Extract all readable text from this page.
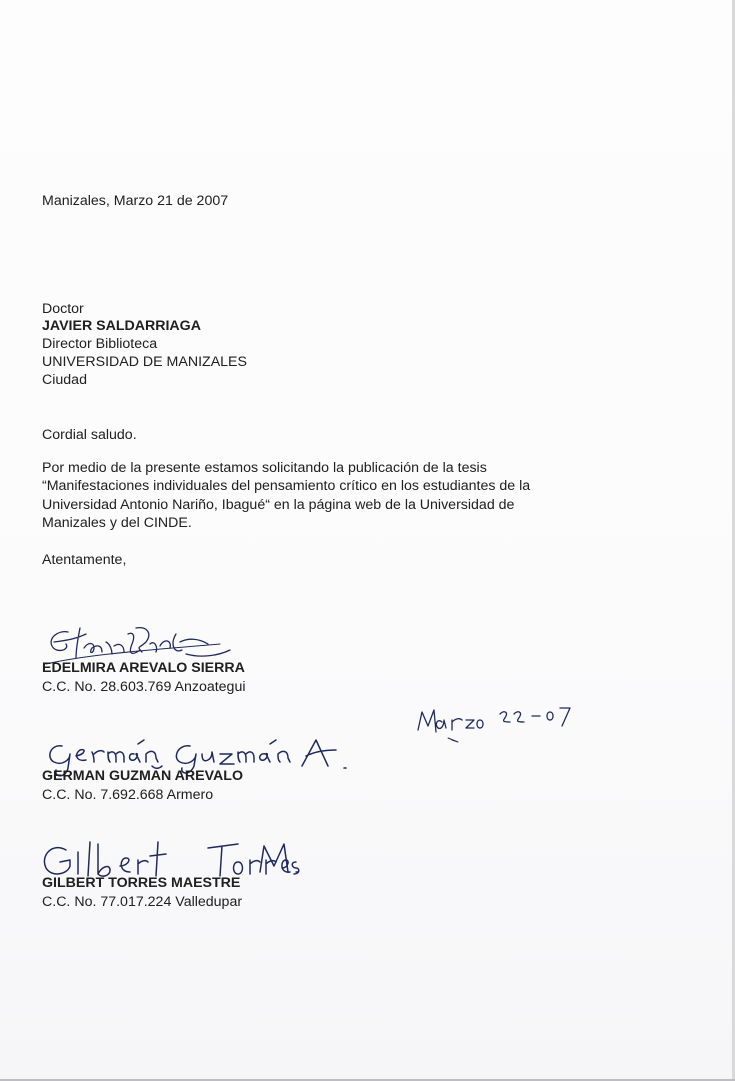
Manizales, Marzo 21 de 2007
Doctor
JAVIER SALDARRIAGA
Director Biblioteca
UNIVERSIDAD DE MANIZALES
Ciudad
Cordial saludo.
Por medio de la presente estamos solicitando la publicación de la tesis
“Manifestaciones individuales del pensamiento crítico en los estudiantes de la
Universidad Antonio Nariño, Ibagué“ en la página web de la Universidad de
Manizales y del CINDE.
Atentamente,
EDELMIRA AREVALO SIERRA
C.C. No. 28.603.769 Anzoategui
GERMAN GUZMAN AREVALO
C.C. No. 7.692.668 Armero
GILBERT TORRES MAESTRE
C.C. No. 77.017.224 Valledupar
